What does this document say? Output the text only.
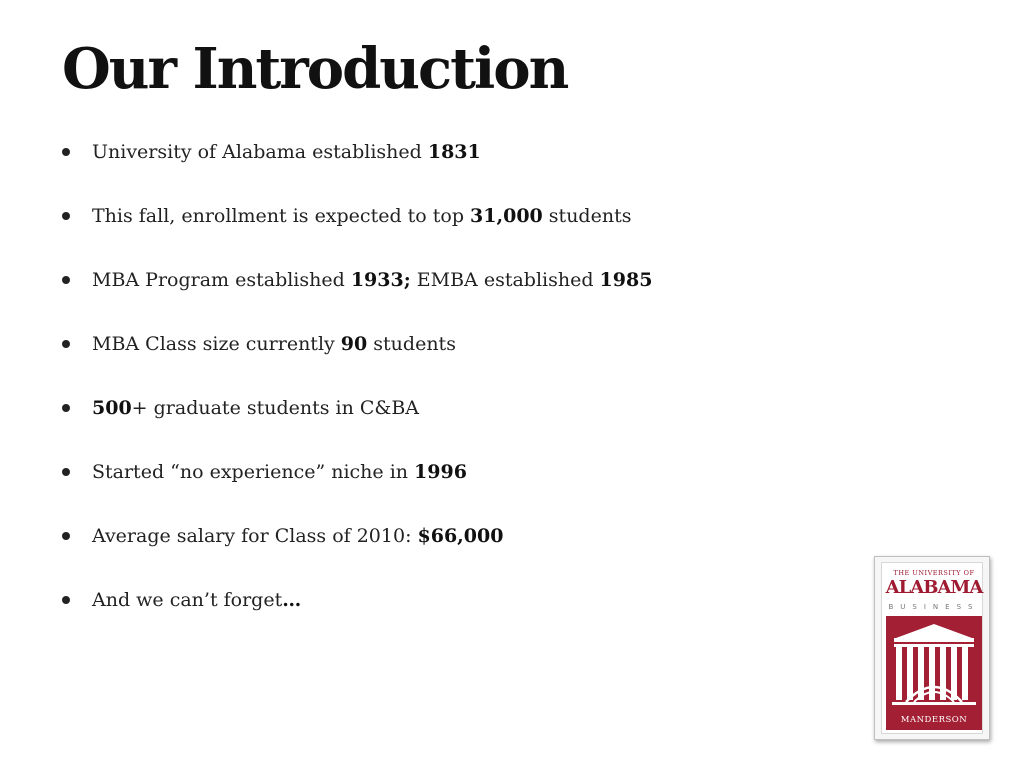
Our Introduction
University of Alabama established 1831
This fall, enrollment is expected to top 31,000 students
MBA Program established 1933; EMBA established 1985
MBA Class size currently 90 students
500+ graduate students in C&BA
Started “no experience” niche in 1996
Average salary for Class of 2010: $66,000
And we can’t forget…
THE UNIVERSITY OF
ALABAMA
BUSINESS
MANDERSON
